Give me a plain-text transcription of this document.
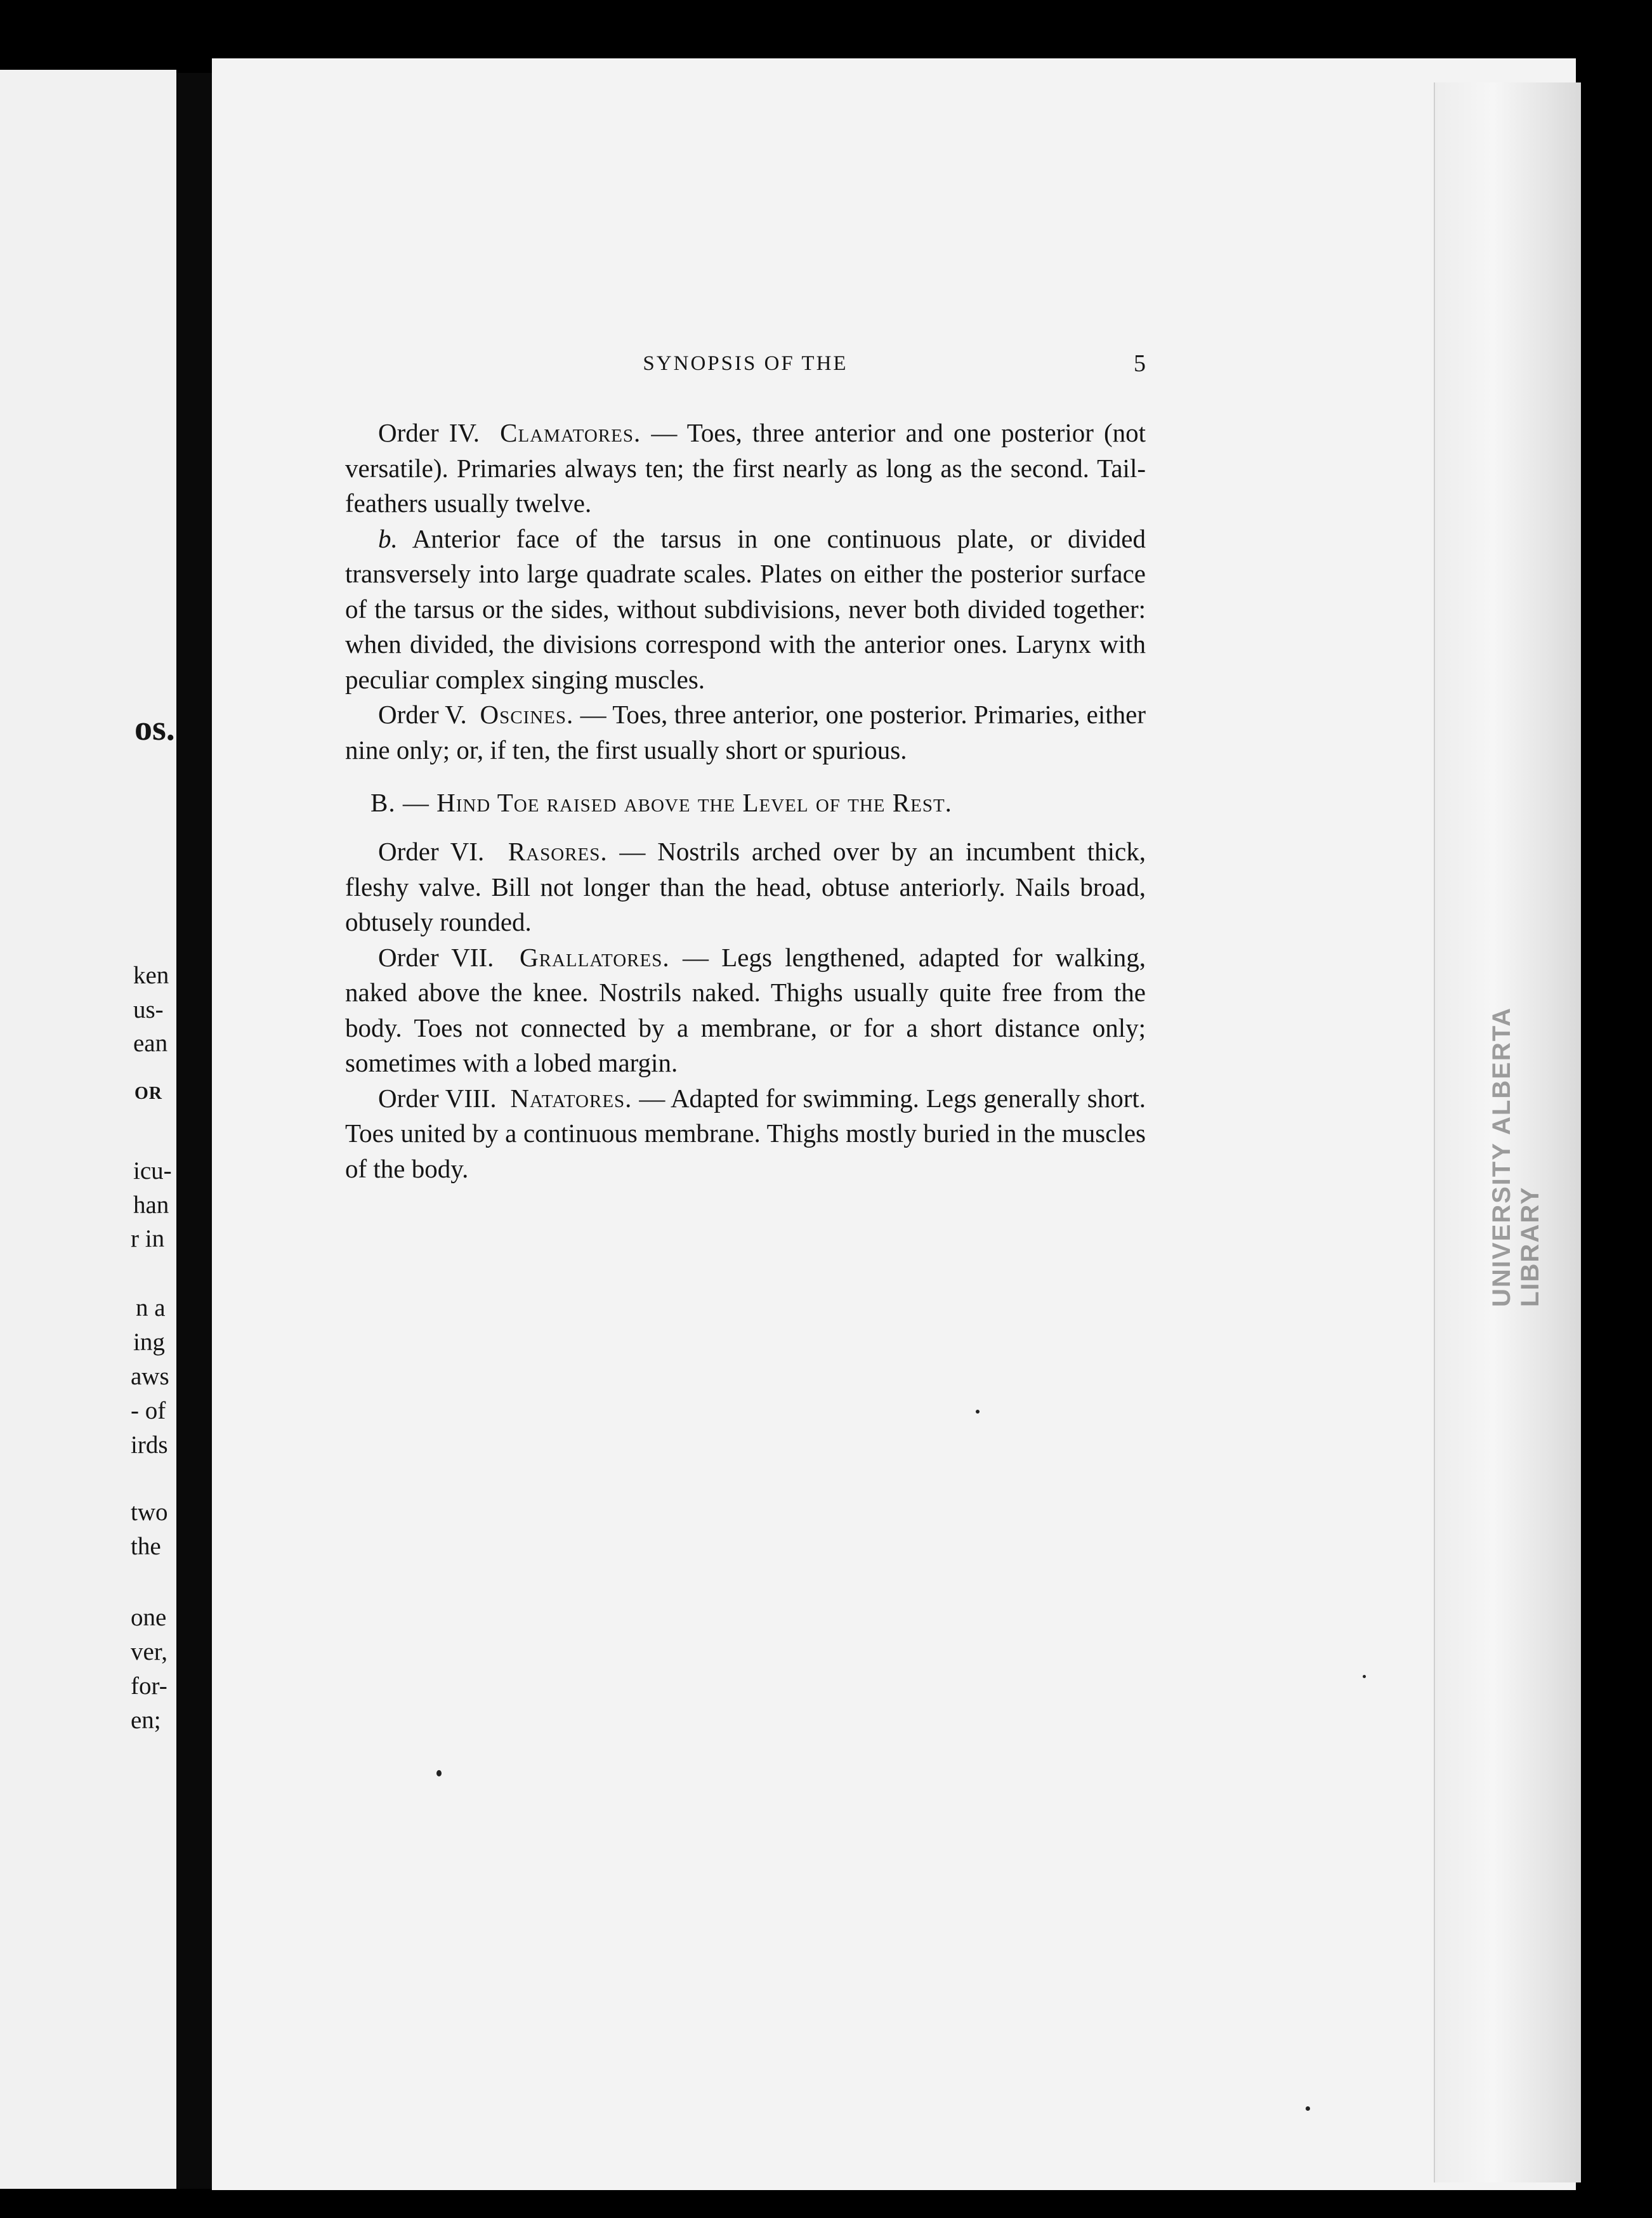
os.
ken
us-
ean
OR
icu-
han
r in
n a
ing
aws
- of
irds
two
the
one
ver,
for-
en;
UNIVERSITY ALBERTA LIBRARY
SYNOPSIS OF THE	5

Order IV. Clamatores. — Toes, three anterior and one posterior (not versatile). Primaries always ten; the first nearly as long as the second. Tail-feathers usually twelve.

b. Anterior face of the tarsus in one continuous plate, or divided transversely into large quadrate scales. Plates on either the posterior surface of the tarsus or the sides, without subdivisions, never both divided together: when divided, the divisions correspond with the anterior ones. Larynx with peculiar complex singing muscles.

Order V. Oscines. — Toes, three anterior, one posterior. Primaries, either nine only; or, if ten, the first usually short or spurious.

B. — Hind Toe raised above the Level of the Rest.

Order VI. Rasores. — Nostrils arched over by an incumbent thick, fleshy valve. Bill not longer than the head, obtuse anteriorly. Nails broad, obtusely rounded.

Order VII. Grallatores. — Legs lengthened, adapted for walking, naked above the knee. Nostrils naked. Thighs usually quite free from the body. Toes not connected by a membrane, or for a short distance only; sometimes with a lobed margin.

Order VIII. Natatores. — Adapted for swimming. Legs generally short. Toes united by a continuous membrane. Thighs mostly buried in the muscles of the body.
